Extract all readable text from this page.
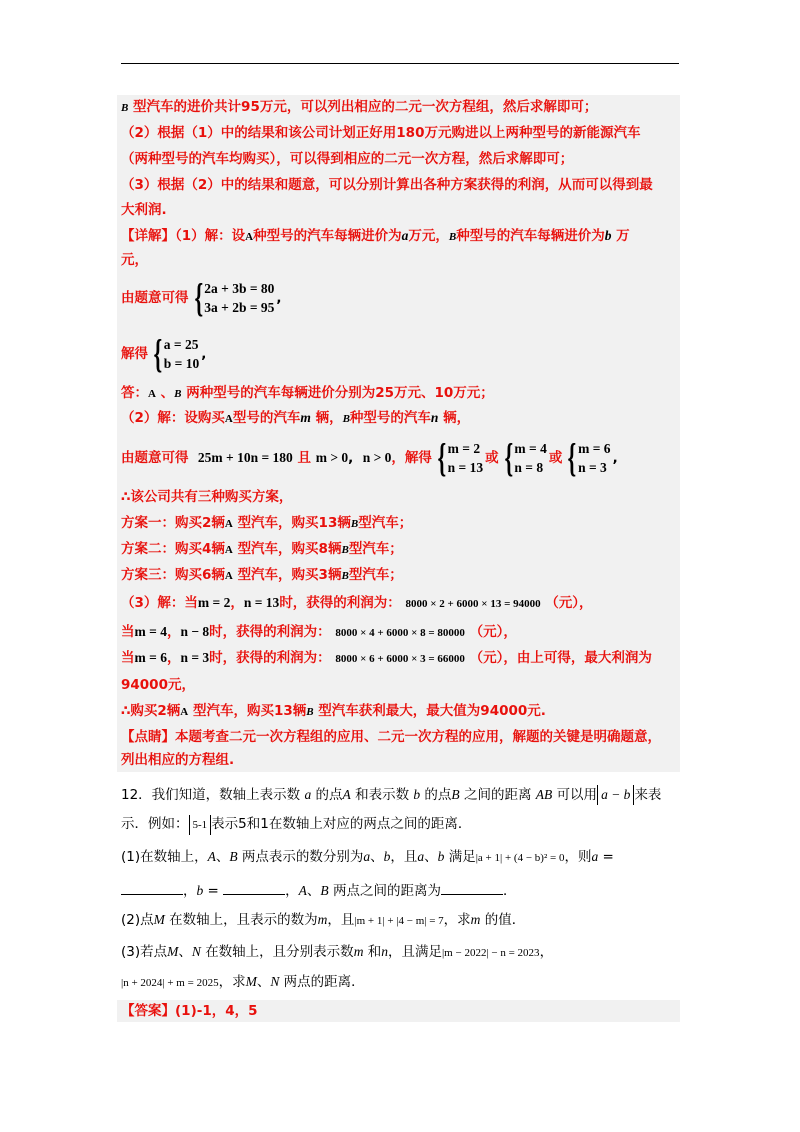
B 型汽车的进价共计95万元，可以列出相应的二元一次方程组，然后求解即可；
（2）根据（1）中的结果和该公司计划正好用180万元购进以上两种型号的新能源汽车
（两种型号的汽车均购买），可以得到相应的二元一次方程，然后求解即可；
（3）根据（2）中的结果和题意，可以分别计算出各种方案获得的利润，从而可以得到最
大利润.
【详解】（1）解：设A种型号的汽车每辆进价为a万元，B种型号的汽车每辆进价为b 万
元，
由题意可得 { 2a + 3b = 80
3a + 2b = 95
,
解得 { a = 25
b = 10
,
答：A 、B 两种型号的汽车每辆进价分别为25万元、10万元；
（2）解：设购买A型号的汽车m 辆，B种型号的汽车n 辆，
由题意可得 25m + 10n = 180 且 m > 0, n > 0，解得 { m = 2
n = 13
或 { m = 4
n = 8
或 { m = 6
n = 3
,
∴该公司共有三种购买方案，
方案一：购买2辆A 型汽车，购买13辆B型汽车；
方案二：购买4辆A 型汽车，购买8辆B型汽车；
方案三：购买6辆A 型汽车，购买3辆B型汽车；
（3）解：当m = 2，n = 13时，获得的利润为： 8000 × 2 + 6000 × 13 = 94000 （元），
当m = 4，n − 8时，获得的利润为： 8000 × 4 + 6000 × 8 = 80000 （元），
当m = 6，n = 3时，获得的利润为： 8000 × 6 + 6000 × 3 = 66000 （元），由上可得，最大利润为
94000元，
∴购买2辆A 型汽车，购买13辆B 型汽车获利最大，最大值为94000元.
【点睛】本题考查二元一次方程组的应用、二元一次方程的应用，解题的关键是明确题意，
列出相应的方程组.
12．我们知道，数轴上表示数 a 的点A 和表示数 b 的点B 之间的距离 AB 可以用 a − b 来表
示．例如： 5-1 表示5和1在数轴上对应的两点之间的距离．
(1)在数轴上，A、B 两点表示的数分别为a、b，且a、b 满足|a + 1| + (4 − b)² = 0，则a =
，b =	，A、B 两点之间的距离为	．
(2)点M 在数轴上，且表示的数为m，且|m + 1| + |4 − m| = 7，求m 的值．
(3)若点M、N 在数轴上，且分别表示数m 和n，且满足|m − 2022| − n = 2023，
|n + 2024| + m = 2025，求M、N 两点的距离．
【答案】(1)-1，4，5
